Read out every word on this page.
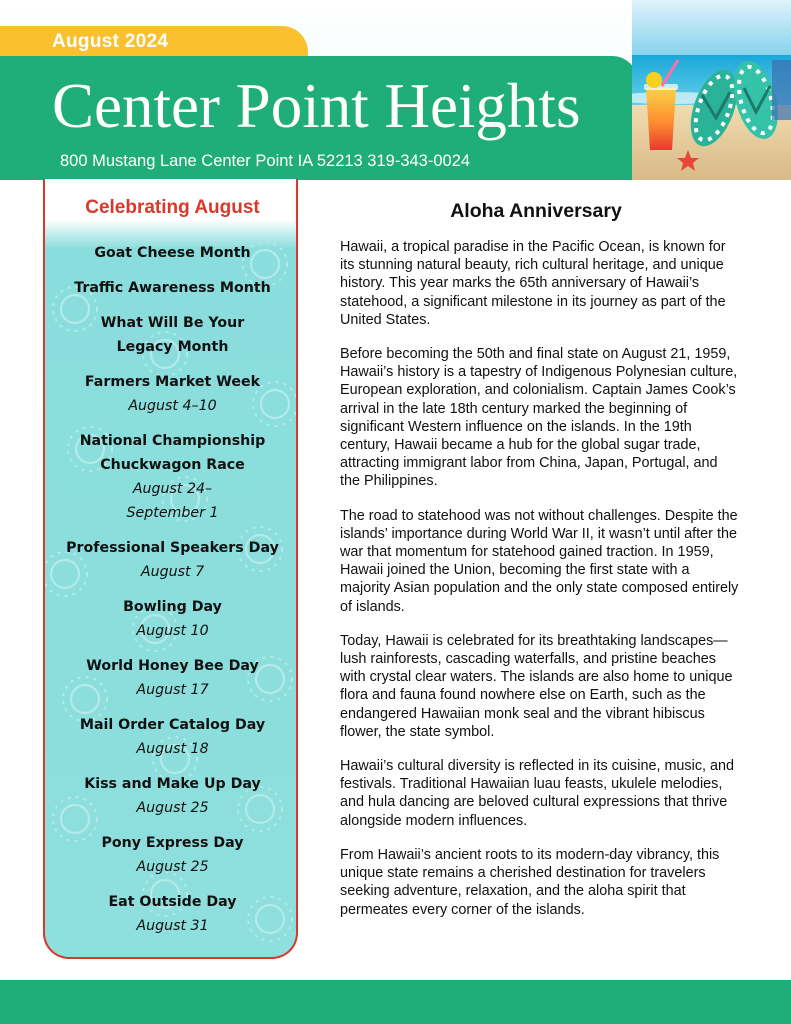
August 2024
Center Point Heights
800 Mustang Lane Center Point IA 52213 319-343-0024
Celebrating August
Goat Cheese Month
Traffic Awareness Month
What Will Be Your Legacy Month
Farmers Market Week
August 4–10
National Championship Chuckwagon Race
August 24–September 1
Professional Speakers Day
August 7
Bowling Day
August 10
World Honey Bee Day
August 17
Mail Order Catalog Day
August 18
Kiss and Make Up Day
August 25
Pony Express Day
August 25
Eat Outside Day
August 31
Aloha Anniversary

Hawaii, a tropical paradise in the Pacific Ocean, is known for its stunning natural beauty, rich cultural heritage, and unique history. This year marks the 65th anniversary of Hawaii’s statehood, a significant milestone in its journey as part of the United States.

Before becoming the 50th and final state on August 21, 1959, Hawaii’s history is a tapestry of Indigenous Polynesian culture, European exploration, and colonialism. Captain James Cook’s arrival in the late 18th century marked the beginning of significant Western influence on the islands. In the 19th century, Hawaii became a hub for the global sugar trade, attracting immigrant labor from China, Japan, Portugal, and the Philippines.

The road to statehood was not without challenges. Despite the islands’ importance during World War II, it wasn’t until after the war that momentum for statehood gained traction. In 1959, Hawaii joined the Union, becoming the first state with a majority Asian population and the only state composed entirely of islands.

Today, Hawaii is celebrated for its breathtaking landscapes—lush rainforests, cascading waterfalls, and pristine beaches with crystal clear waters. The islands are also home to unique flora and fauna found nowhere else on Earth, such as the endangered Hawaiian monk seal and the vibrant hibiscus flower, the state symbol.

Hawaii’s cultural diversity is reflected in its cuisine, music, and festivals. Traditional Hawaiian luau feasts, ukulele melodies, and hula dancing are beloved cultural expressions that thrive alongside modern influences.

From Hawaii’s ancient roots to its modern-day vibrancy, this unique state remains a cherished destination for travelers seeking adventure, relaxation, and the aloha spirit that permeates every corner of the islands.
